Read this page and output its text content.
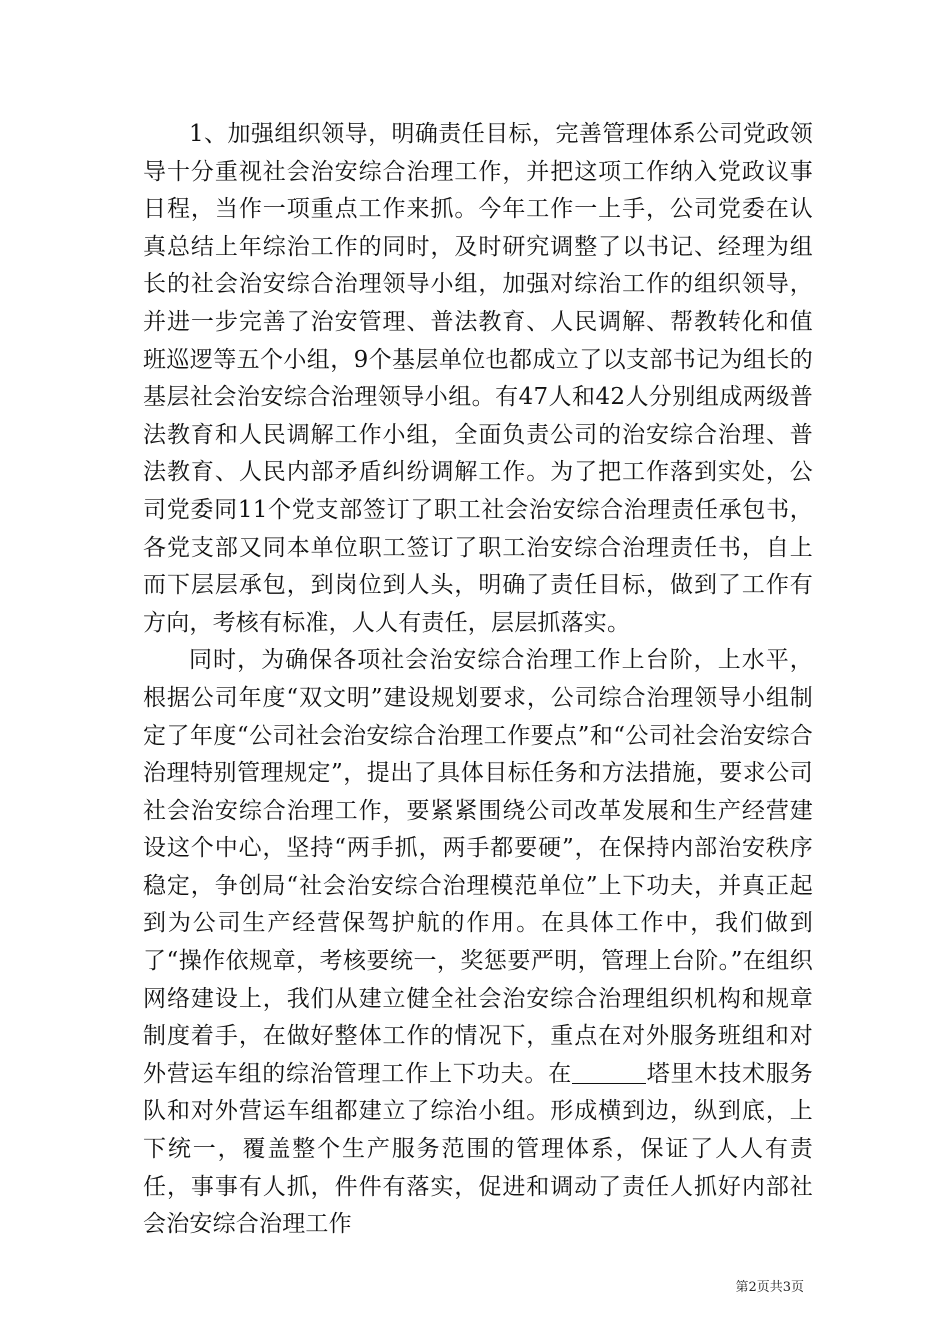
1、加强组织领导，明确责任目标，完善管理体系公司党政领导十分重视社会治安综合治理工作，并把这项工作纳入党政议事日程，当作一项重点工作来抓。今年工作一上手，公司党委在认真总结上年综治工作的同时，及时研究调整了以书记、经理为组长的社会治安综合治理领导小组，加强对综治工作的组织领导，并进一步完善了治安管理、普法教育、人民调解、帮教转化和值班巡逻等五个小组，9个基层单位也都成立了以支部书记为组长的基层社会治安综合治理领导小组。有47人和42人分别组成两级普法教育和人民调解工作小组，全面负责公司的治安综合治理、普法教育、人民内部矛盾纠纷调解工作。为了把工作落到实处，公司党委同11个党支部签订了职工社会治安综合治理责任承包书，各党支部又同本单位职工签订了职工治安综合治理责任书，自上而下层层承包，到岗位到人头，明确了责任目标，做到了工作有方向，考核有标准，人人有责任，层层抓落实。

同时，为确保各项社会治安综合治理工作上台阶，上水平，根据公司年度“双文明”建设规划要求，公司综合治理领导小组制定了年度“公司社会治安综合治理工作要点”和“公司社会治安综合治理特别管理规定”，提出了具体目标任务和方法措施，要求公司社会治安综合治理工作，要紧紧围绕公司改革发展和生产经营建设这个中心，坚持“两手抓，两手都要硬”，在保持内部治安秩序稳定，争创局“社会治安综合治理模范单位”上下功夫，并真正起到为公司生产经营保驾护航的作用。在具体工作中，我们做到了“操作依规章，考核要统一，奖惩要严明，管理上台阶。”在组织网络建设上，我们从建立健全社会治安综合治理组织机构和规章制度着手，在做好整体工作的情况下，重点在对外服务班组和对外营运车组的综治管理工作上下功夫。在	塔里木技术服务队和对外营运车组都建立了综治小组。形成横到边，纵到底，上下统一，覆盖整个生产服务范围的管理体系，保证了人人有责任，事事有人抓，件件有落实，促进和调动了责任人抓好内部社会治安综合治理工作

第2页共3页
